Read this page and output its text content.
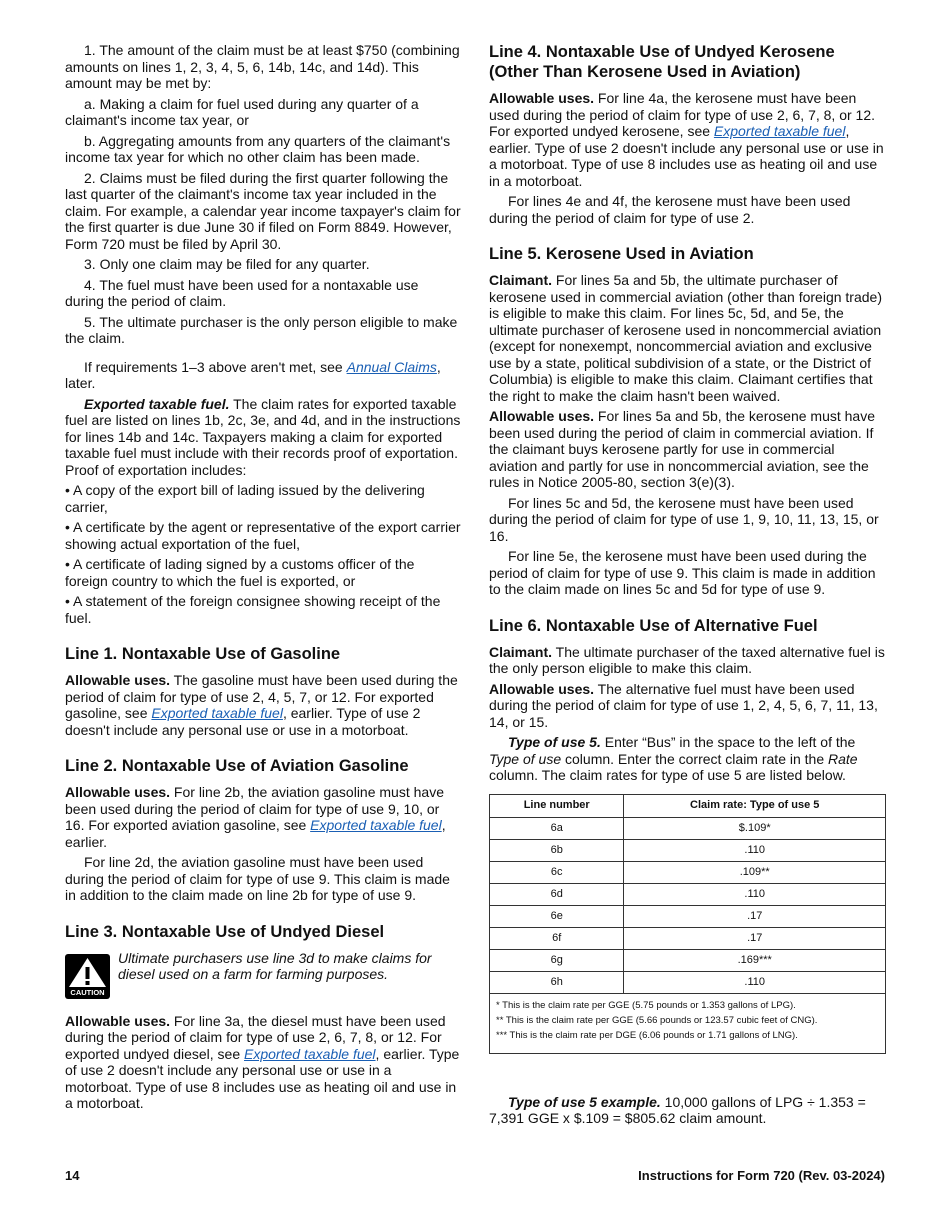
1. The amount of the claim must be at least $750 (combining amounts on lines 1, 2, 3, 4, 5, 6, 14b, 14c, and 14d). This amount may be met by:

a. Making a claim for fuel used during any quarter of a claimant's income tax year, or

b. Aggregating amounts from any quarters of the claimant's income tax year for which no other claim has been made.

2. Claims must be filed during the first quarter following the last quarter of the claimant's income tax year included in the claim. For example, a calendar year income taxpayer's claim for the first quarter is due June 30 if filed on Form 8849. However, Form 720 must be filed by April 30.

3. Only one claim may be filed for any quarter.

4. The fuel must have been used for a nontaxable use during the period of claim.

5. The ultimate purchaser is the only person eligible to make the claim.

If requirements 1–3 above aren't met, see Annual Claims, later.

Exported taxable fuel. The claim rates for exported taxable fuel are listed on lines 1b, 2c, 3e, and 4d, and in the instructions for lines 14b and 14c. Taxpayers making a claim for exported taxable fuel must include with their records proof of exportation. Proof of exportation includes:

• A copy of the export bill of lading issued by the delivering carrier,

• A certificate by the agent or representative of the export carrier showing actual exportation of the fuel,

• A certificate of lading signed by a customs officer of the foreign country to which the fuel is exported, or

• A statement of the foreign consignee showing receipt of the fuel.

Line 1. Nontaxable Use of Gasoline

Allowable uses. The gasoline must have been used during the period of claim for type of use 2, 4, 5, 7, or 12. For exported gasoline, see Exported taxable fuel, earlier. Type of use 2 doesn't include any personal use or use in a motorboat.

Line 2. Nontaxable Use of Aviation Gasoline

Allowable uses. For line 2b, the aviation gasoline must have been used during the period of claim for type of use 9, 10, or 16. For exported aviation gasoline, see Exported taxable fuel, earlier.

For line 2d, the aviation gasoline must have been used during the period of claim for type of use 9. This claim is made in addition to the claim made on line 2b for type of use 9.

Line 3. Nontaxable Use of Undyed Diesel
CAUTION
Ultimate purchasers use line 3d to make claims for diesel used on a farm for farming purposes.

Allowable uses. For line 3a, the diesel must have been used during the period of claim for type of use 2, 6, 7, 8, or 12. For exported undyed diesel, see Exported taxable fuel, earlier. Type of use 2 doesn't include any personal use or use in a motorboat. Type of use 8 includes use as heating oil and use in a motorboat.

Line 4. Nontaxable Use of Undyed Kerosene (Other Than Kerosene Used in Aviation)

Allowable uses. For line 4a, the kerosene must have been used during the period of claim for type of use 2, 6, 7, 8, or 12. For exported undyed kerosene, see Exported taxable fuel, earlier. Type of use 2 doesn't include any personal use or use in a motorboat. Type of use 8 includes use as heating oil and use in a motorboat.

For lines 4e and 4f, the kerosene must have been used during the period of claim for type of use 2.

Line 5. Kerosene Used in Aviation

Claimant. For lines 5a and 5b, the ultimate purchaser of kerosene used in commercial aviation (other than foreign trade) is eligible to make this claim. For lines 5c, 5d, and 5e, the ultimate purchaser of kerosene used in noncommercial aviation (except for nonexempt, noncommercial aviation and exclusive use by a state, political subdivision of a state, or the District of Columbia) is eligible to make this claim. Claimant certifies that the right to make the claim hasn't been waived.

Allowable uses. For lines 5a and 5b, the kerosene must have been used during the period of claim in commercial aviation. If the claimant buys kerosene partly for use in commercial aviation and partly for use in noncommercial aviation, see the rules in Notice 2005-80, section 3(e)(3).

For lines 5c and 5d, the kerosene must have been used during the period of claim for type of use 1, 9, 10, 11, 13, 15, or 16.

For line 5e, the kerosene must have been used during the period of claim for type of use 9. This claim is made in addition to the claim made on lines 5c and 5d for type of use 9.

Line 6. Nontaxable Use of Alternative Fuel

Claimant. The ultimate purchaser of the taxed alternative fuel is the only person eligible to make this claim.

Allowable uses. The alternative fuel must have been used during the period of claim for type of use 1, 2, 4, 5, 6, 7, 11, 13, 14, or 15.

Type of use 5. Enter “Bus” in the space to the left of the Type of use column. Enter the correct claim rate in the Rate column. The claim rates for type of use 5 are listed below.

Line number	Claim rate: Type of use 5
6a	$.109*
6b	.110
6c	.109**
6d	.110
6e	.17
6f	.17
6g	.169***
6h	.110

* This is the claim rate per GGE (5.75 pounds or 1.353 gallons of LPG).
** This is the claim rate per GGE (5.66 pounds or 123.57 cubic feet of CNG).
*** This is the claim rate per DGE (6.06 pounds or 1.71 gallons of LNG).	

Type of use 5 example. 10,000 gallons of LPG ÷ 1.353 = 7,391 GGE x $.109 = $805.62 claim amount.

14	Instructions for Form 720 (Rev. 03-2024)
